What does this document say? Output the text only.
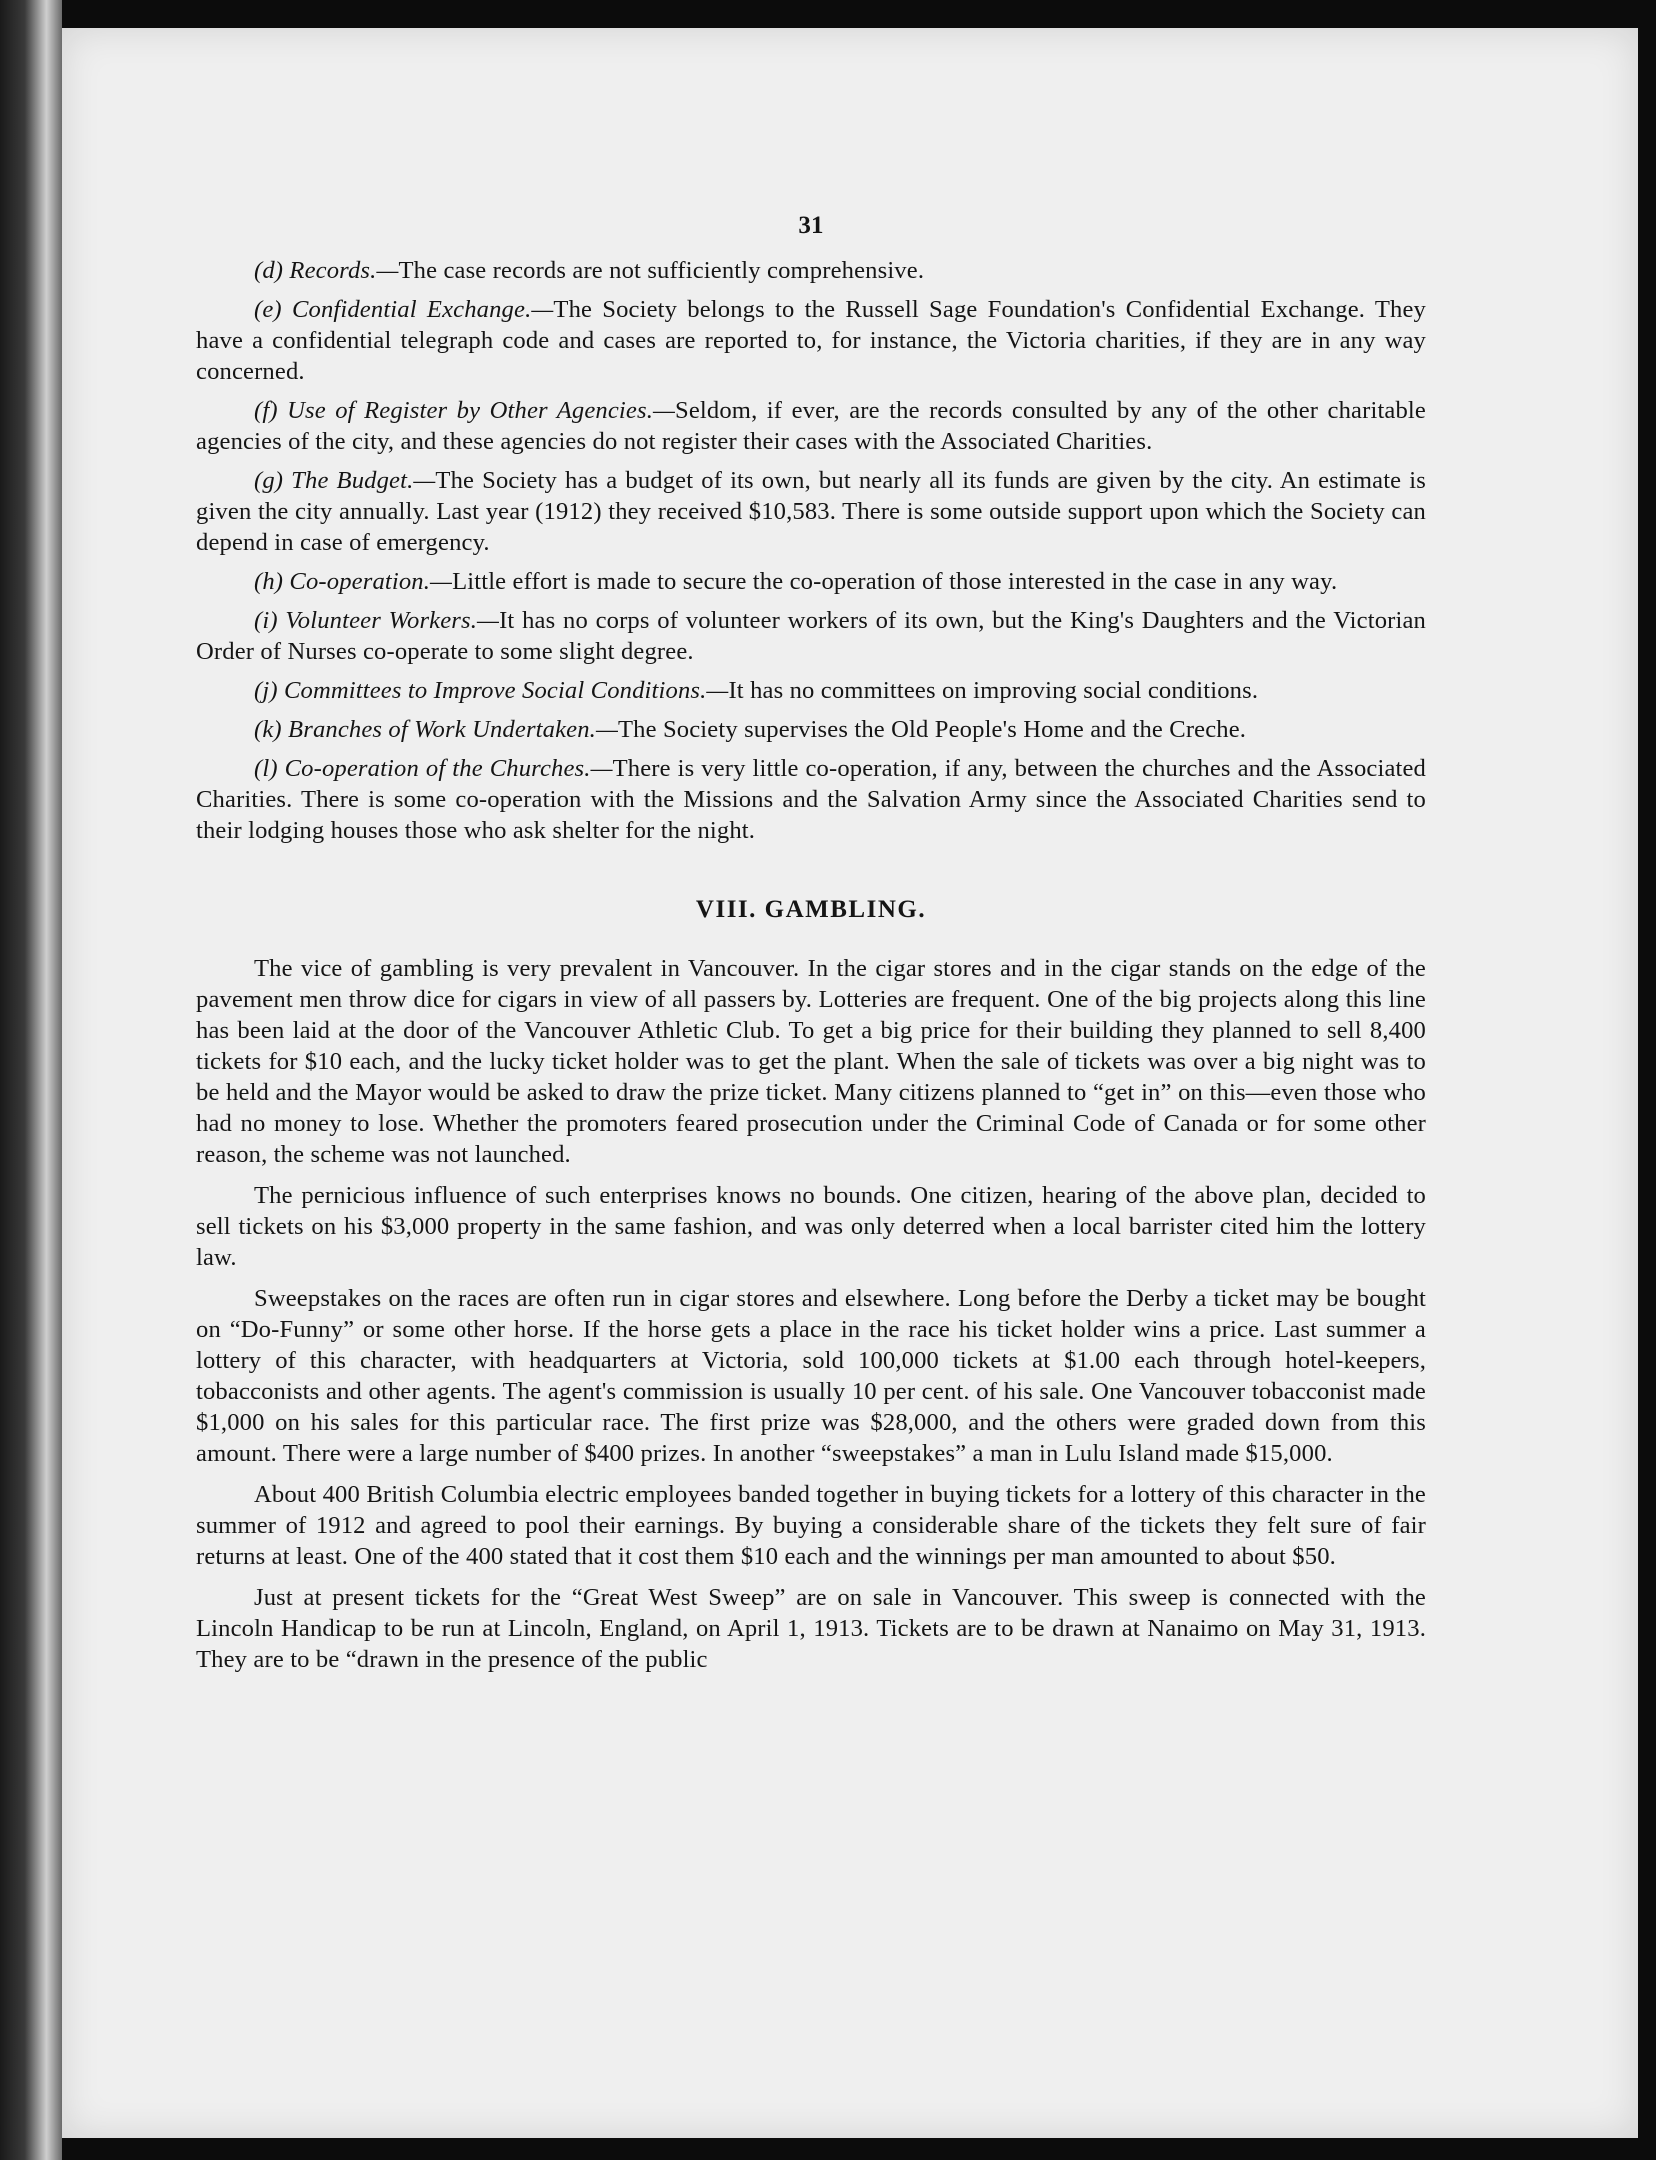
31

(d) Records.—The case records are not sufficiently comprehensive.

(e) Confidential Exchange.—The Society belongs to the Russell Sage Foundation's Confidential Exchange. They have a confidential telegraph code and cases are reported to, for instance, the Victoria charities, if they are in any way concerned.

(f) Use of Register by Other Agencies.—Seldom, if ever, are the records consulted by any of the other charitable agencies of the city, and these agencies do not register their cases with the Associated Charities.

(g) The Budget.—The Society has a budget of its own, but nearly all its funds are given by the city. An estimate is given the city annually. Last year (1912) they received $10,583. There is some outside support upon which the Society can depend in case of emergency.

(h) Co-operation.—Little effort is made to secure the co-operation of those interested in the case in any way.

(i) Volunteer Workers.—It has no corps of volunteer workers of its own, but the King's Daughters and the Victorian Order of Nurses co-operate to some slight degree.

(j) Committees to Improve Social Conditions.—It has no committees on improving social conditions.

(k) Branches of Work Undertaken.—The Society supervises the Old People's Home and the Creche.

(l) Co-operation of the Churches.—There is very little co-operation, if any, between the churches and the Associated Charities. There is some co-operation with the Missions and the Salvation Army since the Associated Charities send to their lodging houses those who ask shelter for the night.

VIII. GAMBLING.

The vice of gambling is very prevalent in Vancouver. In the cigar stores and in the cigar stands on the edge of the pavement men throw dice for cigars in view of all passers by. Lotteries are frequent. One of the big projects along this line has been laid at the door of the Vancouver Athletic Club. To get a big price for their building they planned to sell 8,400 tickets for $10 each, and the lucky ticket holder was to get the plant. When the sale of tickets was over a big night was to be held and the Mayor would be asked to draw the prize ticket. Many citizens planned to “get in” on this—even those who had no money to lose. Whether the promoters feared prosecution under the Criminal Code of Canada or for some other reason, the scheme was not launched.

The pernicious influence of such enterprises knows no bounds. One citizen, hearing of the above plan, decided to sell tickets on his $3,000 property in the same fashion, and was only deterred when a local barrister cited him the lottery law.

Sweepstakes on the races are often run in cigar stores and elsewhere. Long before the Derby a ticket may be bought on “Do-Funny” or some other horse. If the horse gets a place in the race his ticket holder wins a price. Last summer a lottery of this character, with headquarters at Victoria, sold 100,000 tickets at $1.00 each through hotel-keepers, tobacconists and other agents. The agent's commission is usually 10 per cent. of his sale. One Vancouver tobacconist made $1,000 on his sales for this particular race. The first prize was $28,000, and the others were graded down from this amount. There were a large number of $400 prizes. In another “sweepstakes” a man in Lulu Island made $15,000.

About 400 British Columbia electric employees banded together in buying tickets for a lottery of this character in the summer of 1912 and agreed to pool their earnings. By buying a considerable share of the tickets they felt sure of fair returns at least. One of the 400 stated that it cost them $10 each and the winnings per man amounted to about $50.

Just at present tickets for the “Great West Sweep” are on sale in Vancouver. This sweep is connected with the Lincoln Handicap to be run at Lincoln, England, on April 1, 1913. Tickets are to be drawn at Nanaimo on May 31, 1913. They are to be “drawn in the presence of the public
